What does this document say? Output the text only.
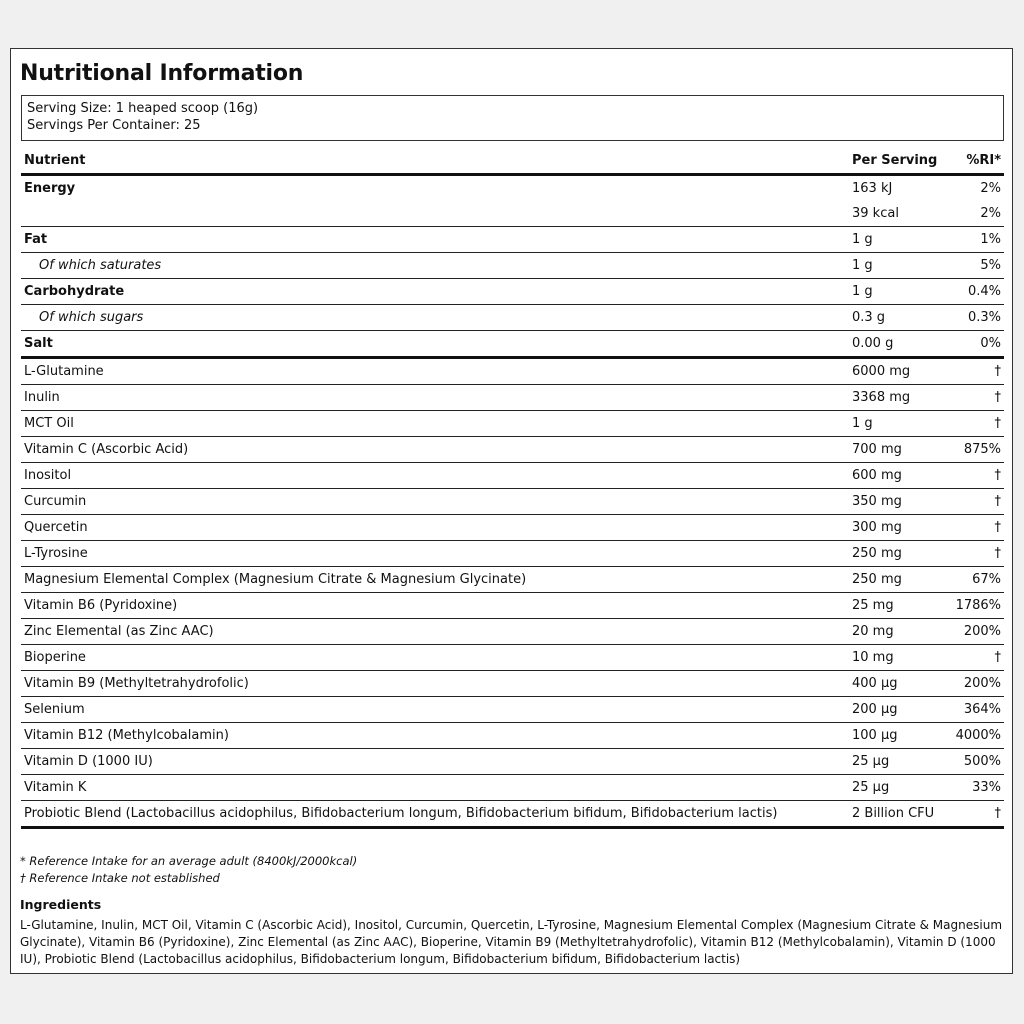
Nutritional Information
Serving Size: 1 heaped scoop (16g)
Servings Per Container: 25
Nutrient	Per Serving	%RI*
Energy	163 kJ	2%
	39 kcal	2%
Fat	1 g	1%
Of which saturates	1 g	5%
Carbohydrate	1 g	0.4%
Of which sugars	0.3 g	0.3%
Salt	0.00 g	0%
L-Glutamine	6000 mg	†
Inulin	3368 mg	†
MCT Oil	1 g	†
Vitamin C (Ascorbic Acid)	700 mg	875%
Inositol	600 mg	†
Curcumin	350 mg	†
Quercetin	300 mg	†
L-Tyrosine	250 mg	†
Magnesium Elemental Complex (Magnesium Citrate & Magnesium Glycinate)	250 mg	67%
Vitamin B6 (Pyridoxine)	25 mg	1786%
Zinc Elemental (as Zinc AAC)	20 mg	200%
Bioperine	10 mg	†
Vitamin B9 (Methyltetrahydrofolic)	400 µg	200%
Selenium	200 µg	364%
Vitamin B12 (Methylcobalamin)	100 µg	4000%
Vitamin D (1000 IU)	25 µg	500%
Vitamin K	25 µg	33%
Probiotic Blend (Lactobacillus acidophilus, Bifidobacterium longum, Bifidobacterium bifidum, Bifidobacterium lactis)	2 Billion CFU	†
* Reference Intake for an average adult (8400kJ/2000kcal)
† Reference Intake not established
Ingredients
L-Glutamine, Inulin, MCT Oil, Vitamin C (Ascorbic Acid), Inositol, Curcumin, Quercetin, L-Tyrosine, Magnesium Elemental Complex (Magnesium Citrate & Magnesium Glycinate), Vitamin B6 (Pyridoxine), Zinc Elemental (as Zinc AAC), Bioperine, Vitamin B9 (Methyltetrahydrofolic), Vitamin B12 (Methylcobalamin), Vitamin D (1000 IU), Probiotic Blend (Lactobacillus acidophilus, Bifidobacterium longum, Bifidobacterium bifidum, Bifidobacterium lactis)
